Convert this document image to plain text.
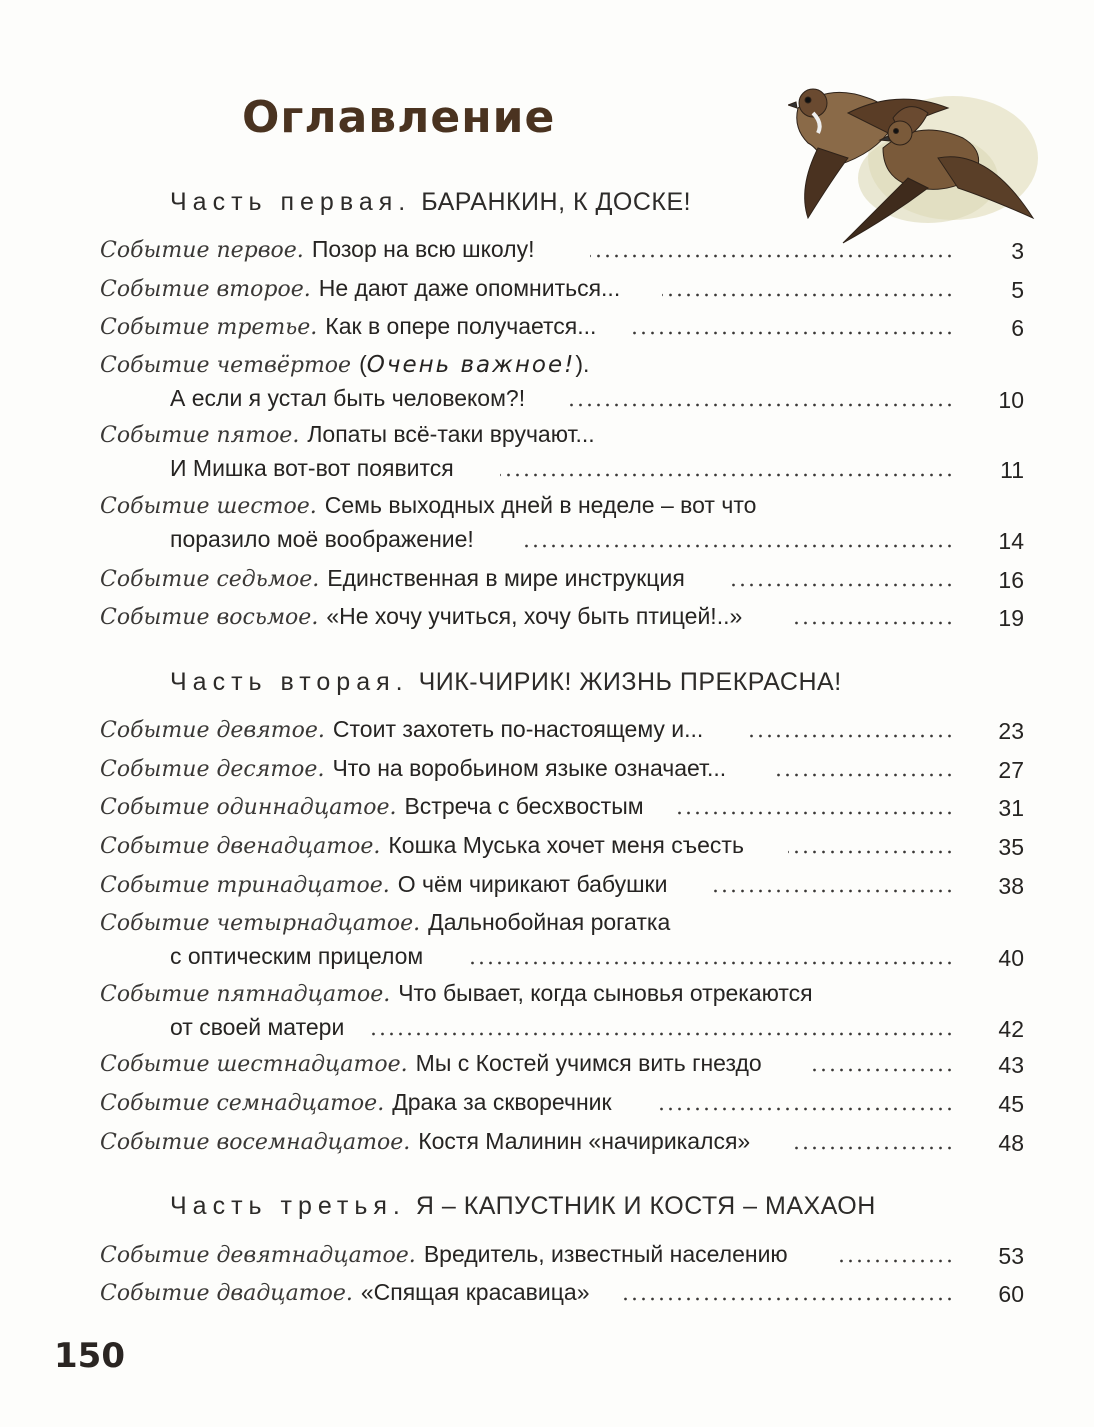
Оглавление
Часть первая. БАРАНКИН, К ДОСКЕ!
Событие первое. Позор на всю школу!	3
Событие вторoе. Не дают даже опомниться...	5
Событие третье. Как в опере получается...	6
Событие четвёртое (Очень важное!).
А если я устал быть человеком?!	10
Событие пятое. Лопаты всё-таки вручают...
И Мишка вот-вот появится	11
Событие шестое. Семь выходных дней в неделе – вот что
поразило моё воображение!	14
Событие седьмое. Единственная в мире инструкция	16
Событие восьмое. «Не хочу учиться, хочу быть птицей!..»	19
Часть вторая. ЧИК-ЧИРИК! ЖИЗНЬ ПРЕКРАСНА!
Событие девятое. Стоит захотеть по-настоящему и...	23
Событие десятое. Что на воробьином языке означает...	27
Событие одиннадцатое. Встреча с бесхвостым	31
Событие двенадцатое. Кошка Муська хочет меня съесть	35
Событие тринадцатое. О чём чирикают бабушки	38
Событие четырнадцатое. Дальнобойная рогатка
с оптическим прицелом	40
Событие пятнадцатое. Что бывает, когда сыновья отрекаются
от своей матери	42
Событие шестнадцатое. Мы с Костей учимся вить гнездо	43
Событие семнадцатое. Драка за скворечник	45
Событие восемнадцатое. Костя Малинин «начирикался»	48
Часть третья. Я – КАПУСТНИК И КОСТЯ – МАХАОН
Событие девятнадцатое. Вредитель, известный населению	53
Событие двадцатое. «Спящая красавица»	60
150
